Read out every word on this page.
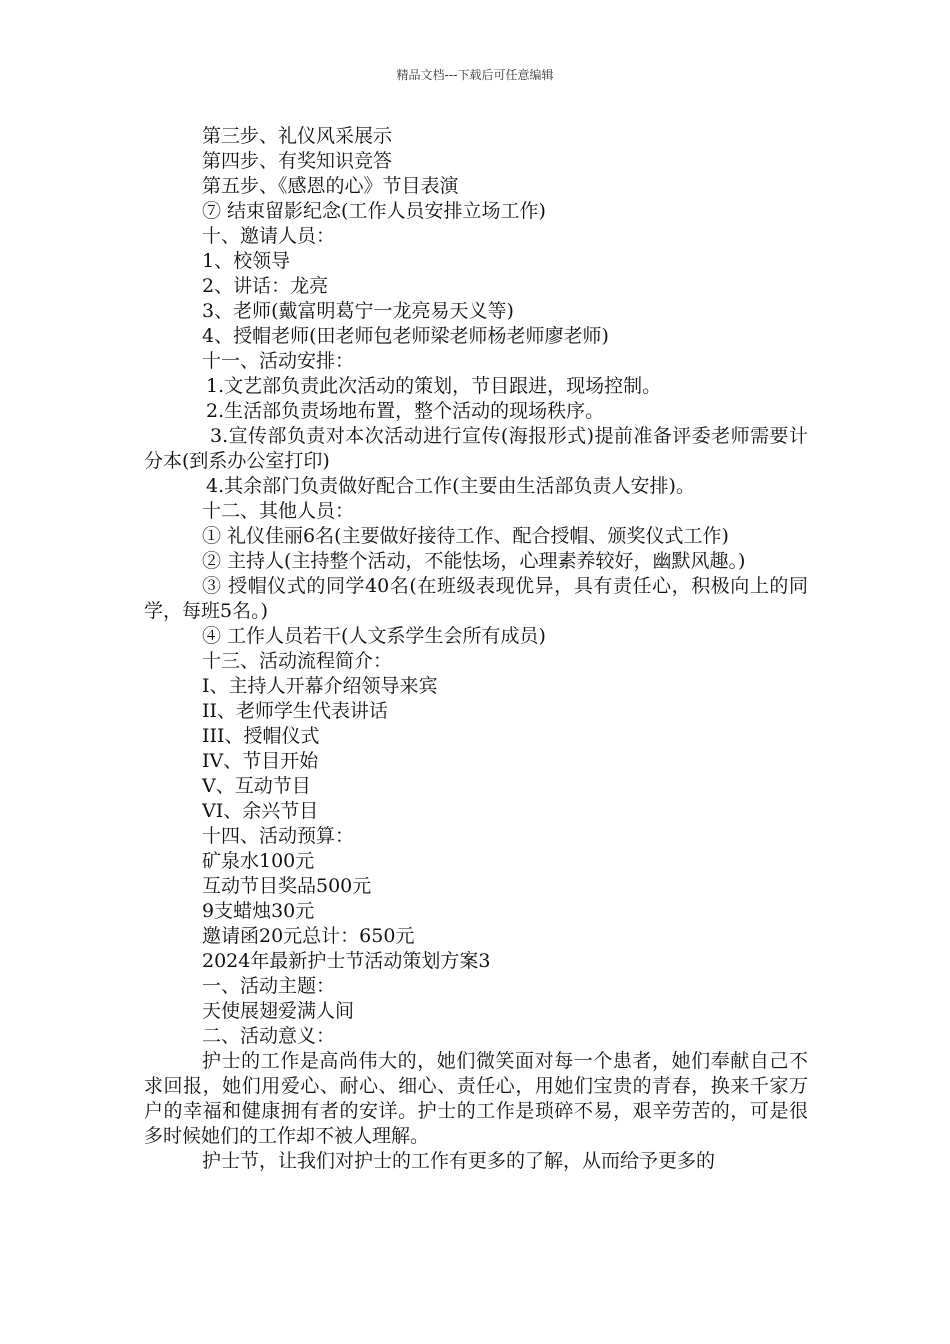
精品文档---下载后可任意编辑
第三步、礼仪风采展示
第四步、有奖知识竞答
第五步、《感恩的心》节目表演
⑦ 结束留影纪念(工作人员安排立场工作)
十、邀请人员：
1、校领导
2、讲话：龙亮
3、老师(戴富明葛宁一龙亮易天义等)
4、授帽老师(田老师包老师梁老师杨老师廖老师)
十一、活动安排：
1.文艺部负责此次活动的策划，节目跟进，现场控制。
2.生活部负责场地布置，整个活动的现场秩序。
3.宣传部负责对本次活动进行宣传(海报形式)提前准备评委老师需要计分本(到系办公室打印)
4.其余部门负责做好配合工作(主要由生活部负责人安排)。
十二、其他人员：
① 礼仪佳丽6名(主要做好接待工作、配合授帽、颁奖仪式工作)
② 主持人(主持整个活动，不能怯场，心理素养较好，幽默风趣。)
③ 授帽仪式的同学40名(在班级表现优异，具有责任心，积极向上的同学，每班5名。)
④ 工作人员若干(人文系学生会所有成员)
十三、活动流程简介：
I、主持人开幕介绍领导来宾
II、老师学生代表讲话
III、授帽仪式
IV、节目开始
V、互动节目
VI、余兴节目
十四、活动预算：
矿泉水100元
互动节目奖品500元
9支蜡烛30元
邀请函20元总计：650元
2024年最新护士节活动策划方案3
一、活动主题：
天使展翅爱满人间
二、活动意义：
护士的工作是高尚伟大的，她们微笑面对每一个患者，她们奉献自己不求回报，她们用爱心、耐心、细心、责任心，用她们宝贵的青春，换来千家万户的幸福和健康拥有者的安详。护士的工作是琐碎不易，艰辛劳苦的，可是很多时候她们的工作却不被人理解。
护士节，让我们对护士的工作有更多的了解，从而给予更多的
